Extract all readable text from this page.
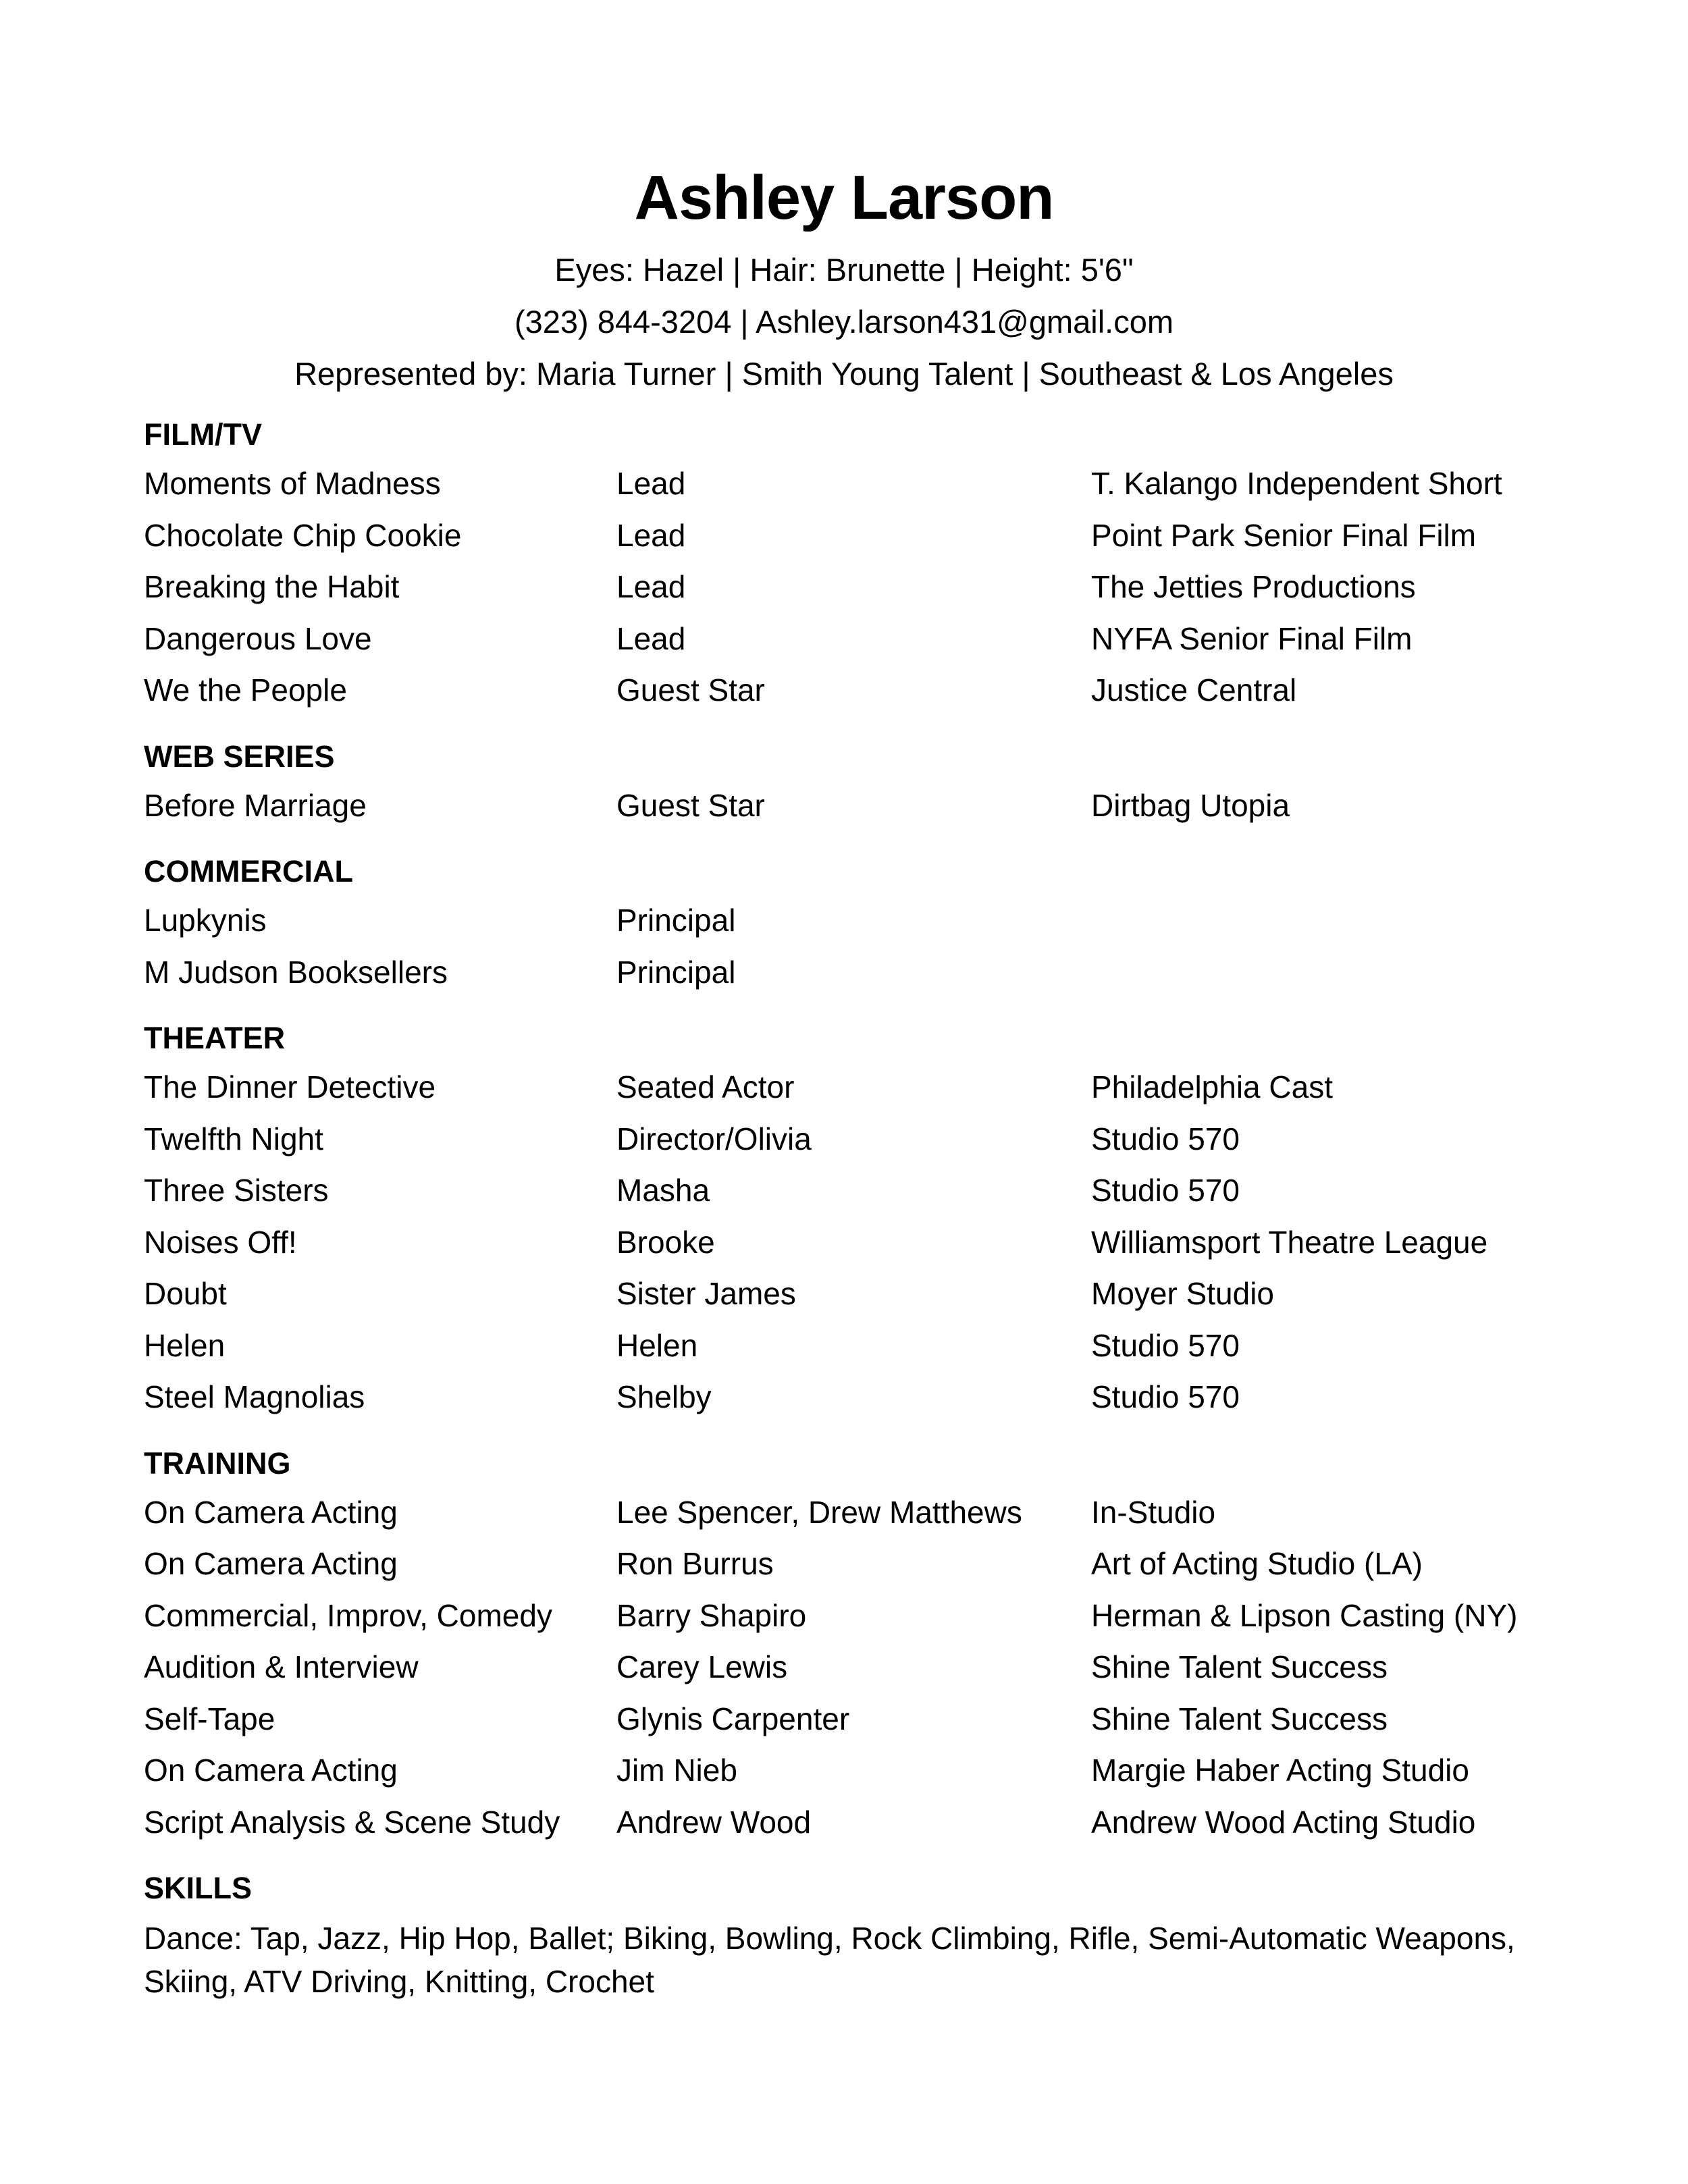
Ashley Larson
Eyes: Hazel | Hair: Brunette | Height: 5'6"
(323) 844-3204 | Ashley.larson431@gmail.com
Represented by: Maria Turner | Smith Young Talent | Southeast & Los Angeles
FILM/TV
Moments of Madness	Lead	T. Kalango Independent Short
Chocolate Chip Cookie	Lead	Point Park Senior Final Film
Breaking the Habit	Lead	The Jetties Productions
Dangerous Love	Lead	NYFA Senior Final Film
We the People	Guest Star	Justice Central
WEB SERIES
Before Marriage	Guest Star	Dirtbag Utopia
COMMERCIAL
Lupkynis	Principal
M Judson Booksellers	Principal
THEATER
The Dinner Detective	Seated Actor	Philadelphia Cast
Twelfth Night	Director/Olivia	Studio 570
Three Sisters	Masha	Studio 570
Noises Off!	Brooke	Williamsport Theatre League
Doubt	Sister James	Moyer Studio
Helen	Helen	Studio 570
Steel Magnolias	Shelby	Studio 570
TRAINING
On Camera Acting	Lee Spencer, Drew Matthews	In-Studio
On Camera Acting	Ron Burrus	Art of Acting Studio (LA)
Commercial, Improv, Comedy	Barry Shapiro	Herman & Lipson Casting (NY)
Audition & Interview	Carey Lewis	Shine Talent Success
Self-Tape	Glynis Carpenter	Shine Talent Success
On Camera Acting	Jim Nieb	Margie Haber Acting Studio
Script Analysis & Scene Study	Andrew Wood	Andrew Wood Acting Studio
SKILLS
Dance: Tap, Jazz, Hip Hop, Ballet; Biking, Bowling, Rock Climbing, Rifle, Semi-Automatic Weapons, Skiing, ATV Driving, Knitting, Crochet
